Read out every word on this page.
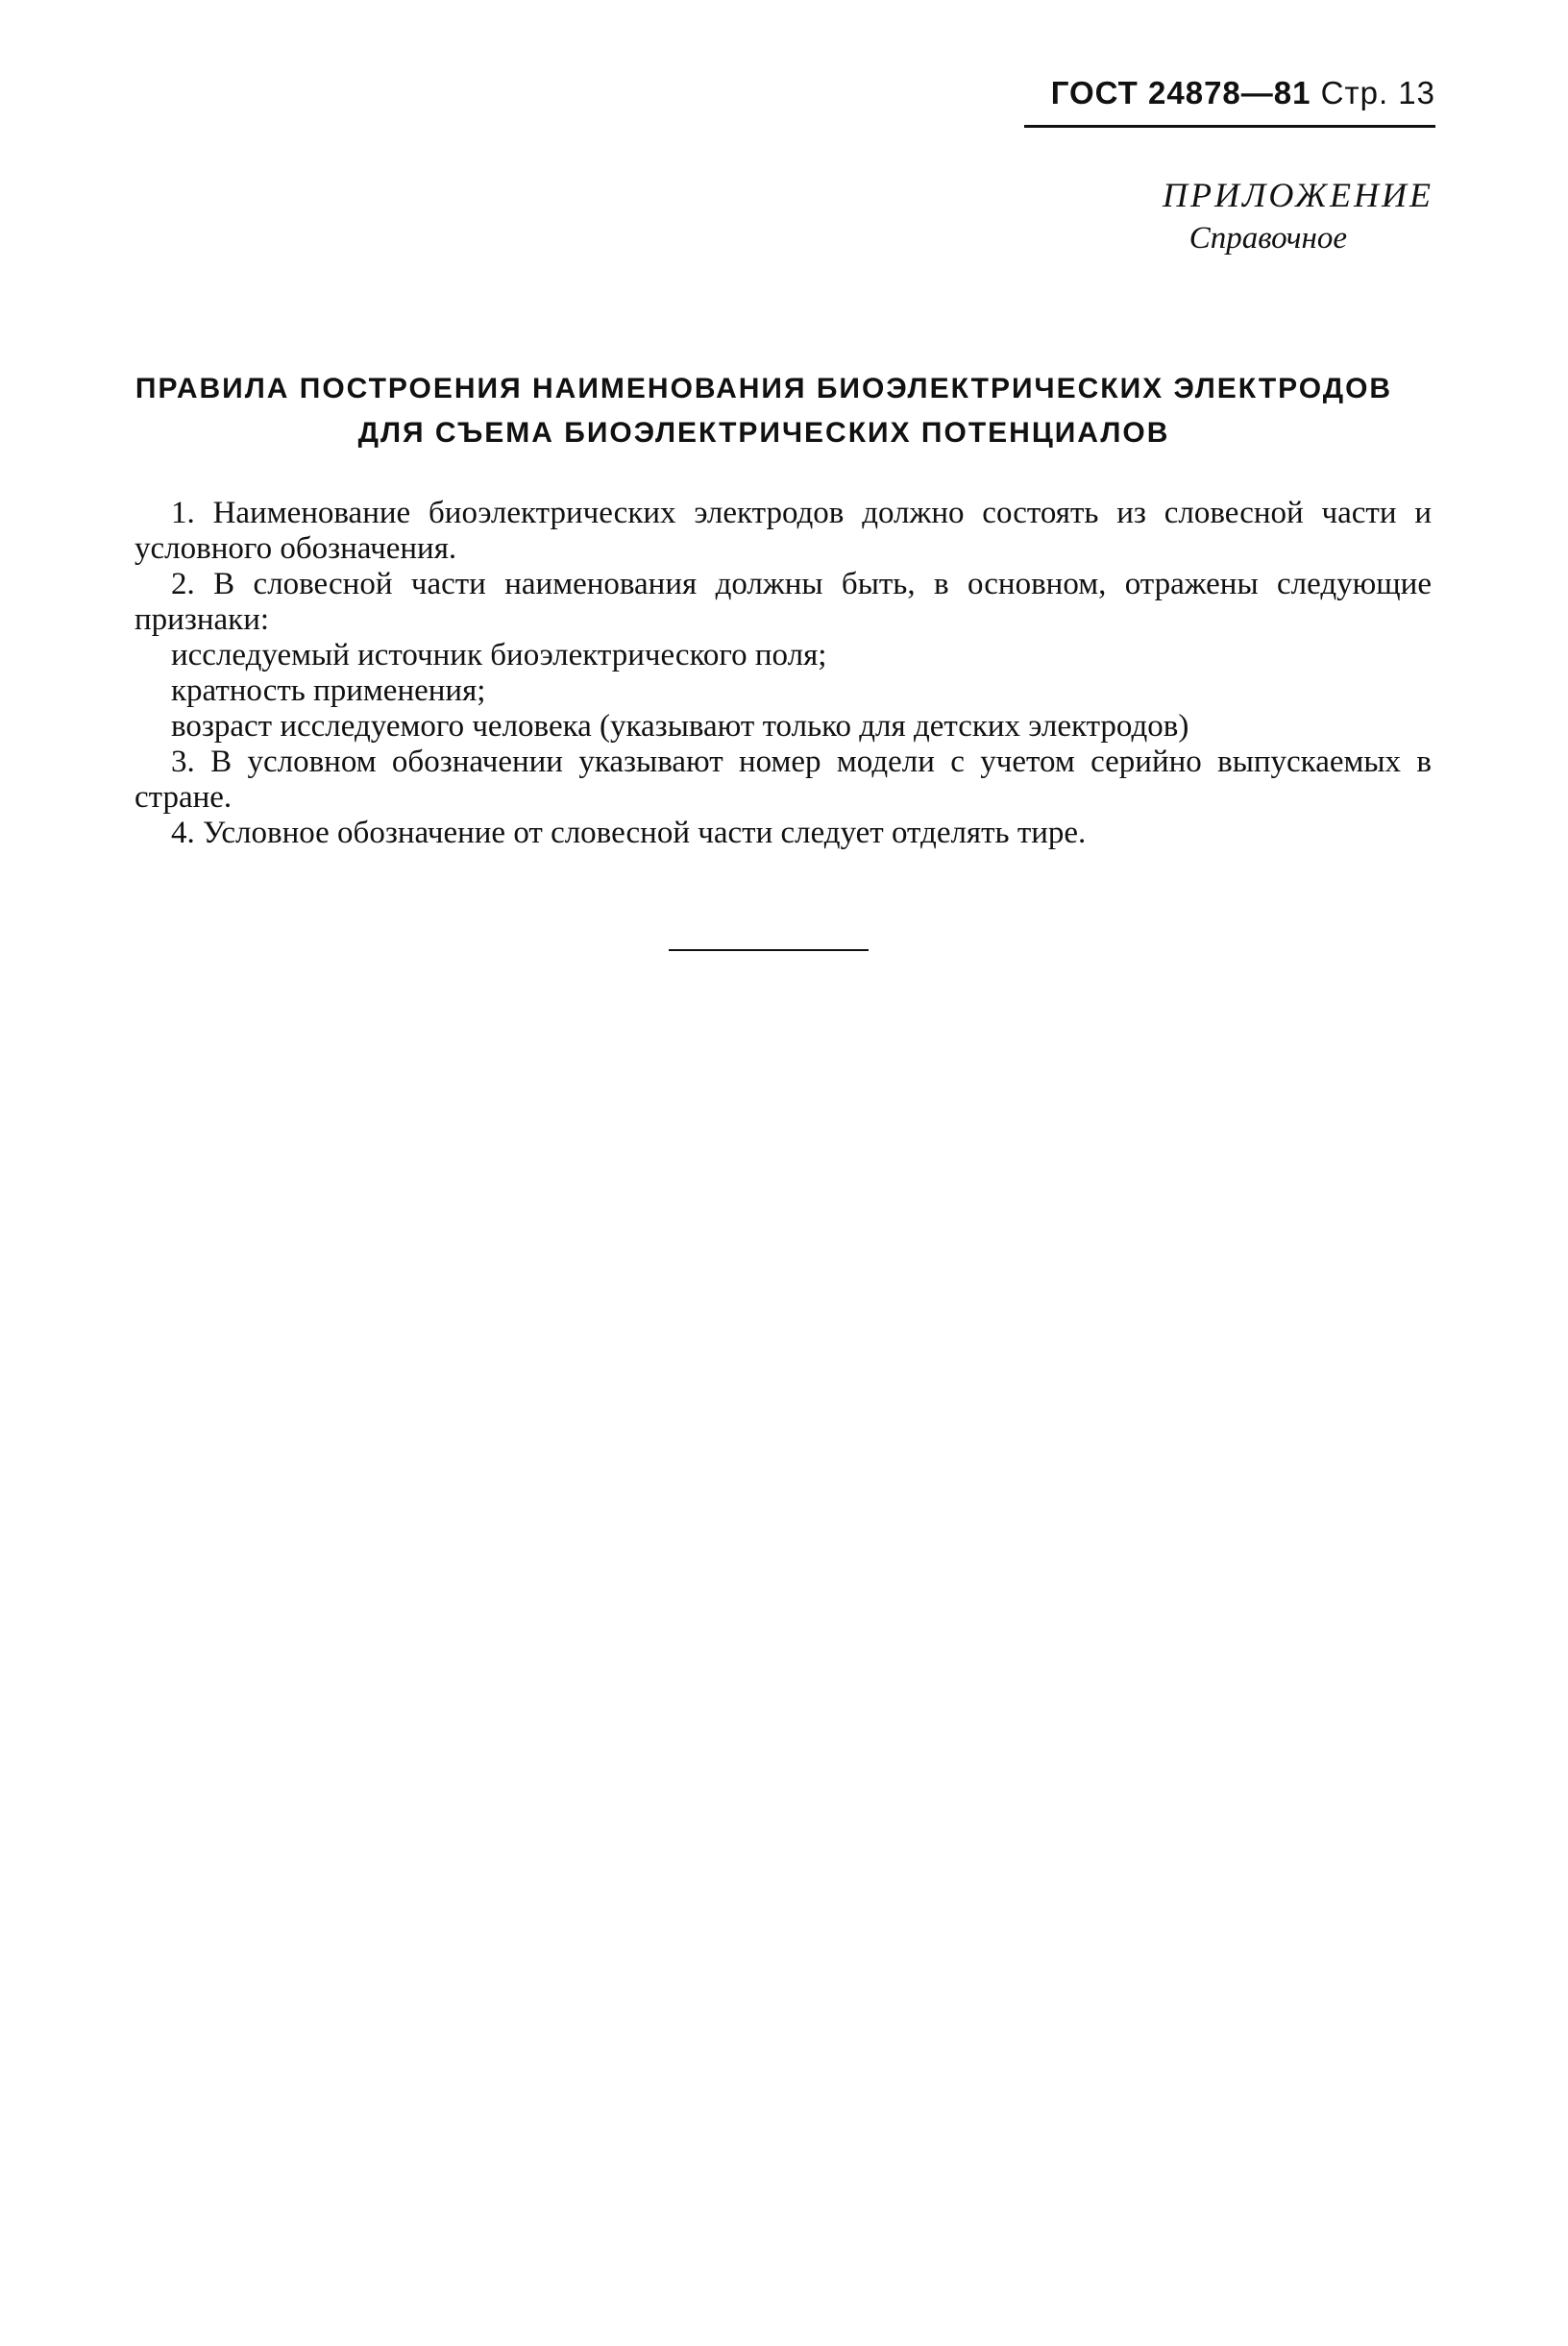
ГОСТ 24878—81 Стр. 13
ПРИЛОЖЕНИЕ
Справочное
ПРАВИЛА ПОСТРОЕНИЯ НАИМЕНОВАНИЯ БИОЭЛЕКТРИЧЕСКИХ ЭЛЕКТРОДОВ
ДЛЯ СЪЕМА БИОЭЛЕКТРИЧЕСКИХ ПОТЕНЦИАЛОВ

1. Наименование биоэлектрических электродов должно состоять из словесной части и условного обозначения.

2. В словесной части наименования должны быть, в основном, отражены следующие признаки:

исследуемый источник биоэлектрического поля;

кратность применения;

возраст исследуемого человека (указывают только для детских электродов)

3. В условном обозначении указывают номер модели с учетом серийно выпускаемых в стране.

4. Условное обозначение от словесной части следует отделять тире.
